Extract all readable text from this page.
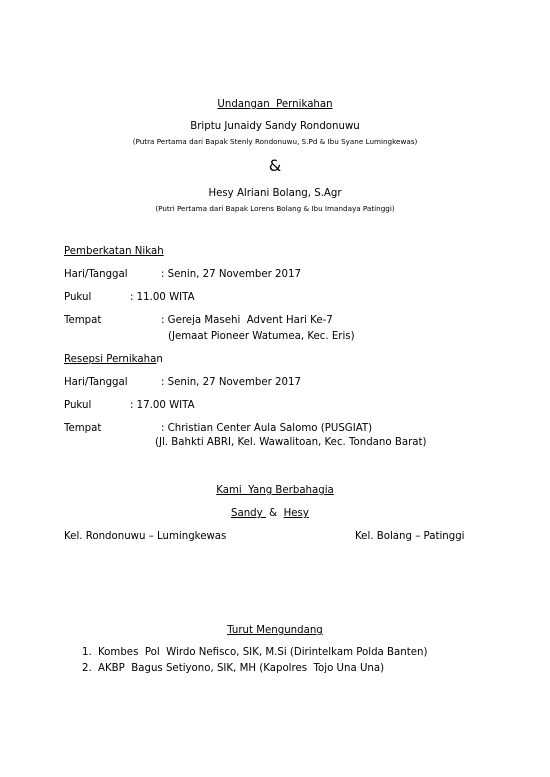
Undangan  Pernikahan
Briptu Junaidy Sandy Rondonuwu
(Putra Pertama dari Bapak Stenly Rondonuwu, S.Pd & Ibu Syane Lumingkewas)
&
Hesy Alriani Bolang, S.Agr
(Putri Pertama dari Bapak Lorens Bolang & Ibu Imandaya Patinggi)
Pemberkatan Nikah
Hari/Tanggal	: Senin, 27 November 2017
Pukul	: 11.00 WITA
Tempat	: Gereja Masehi  Advent Hari Ke-7
(Jemaat Pioneer Watumea, Kec. Eris)
Resepsi Pernikahan
Hari/Tanggal	: Senin, 27 November 2017
Pukul	: 17.00 WITA
Tempat	: Christian Center Aula Salomo (PUSGIAT)
(Jl. Bahkti ABRI, Kel. Wawalitoan, Kec. Tondano Barat)
Kami  Yang Berbahagia
Sandy  &  Hesy
Kel. Rondonuwu – Lumingkewas	Kel. Bolang – Patinggi
Turut Mengundang
1. Kombes  Pol  Wirdo Nefisco, SIK, M.Si (Dirintelkam Polda Banten)
2. AKBP  Bagus Setiyono, SIK, MH (Kapolres  Tojo Una Una)
